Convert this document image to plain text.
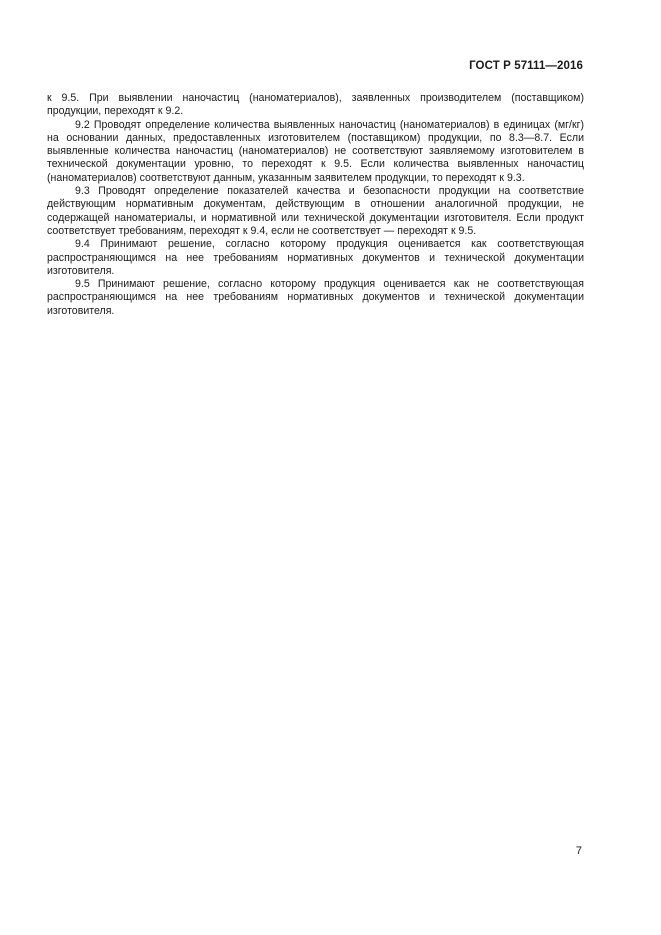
ГОСТ Р 57111—2016

к 9.5. При выявлении наночастиц (наноматериалов), заявленных производителем (поставщиком) продукции, переходят к 9.2.

9.2 Проводят определение количества выявленных наночастиц (наноматериалов) в единицах (мг/кг) на основании данных, предоставленных изготовителем (поставщиком) продукции, по 8.3—8.7. Если выявленные количества наночастиц (наноматериалов) не соответствуют заявляемому изготовителем в технической документации уровню, то переходят к 9.5. Если количества выявленных наночастиц (наноматериалов) соответствуют данным, указанным заявителем продукции, то переходят к 9.3.

9.3 Проводят определение показателей качества и безопасности продукции на соответствие действующим нормативным документам, действующим в отношении аналогичной продукции, не содержащей наноматериалы, и нормативной или технической документации изготовителя. Если продукт соответствует требованиям, переходят к 9.4, если не соответствует — переходят к 9.5.

9.4 Принимают решение, согласно которому продукция оценивается как соответствующая распространяющимся на нее требованиям нормативных документов и технической документации изготовителя.

9.5 Принимают решение, согласно которому продукция оценивается как не соответствующая распространяющимся на нее требованиям нормативных документов и технической документации изготовителя.

7
